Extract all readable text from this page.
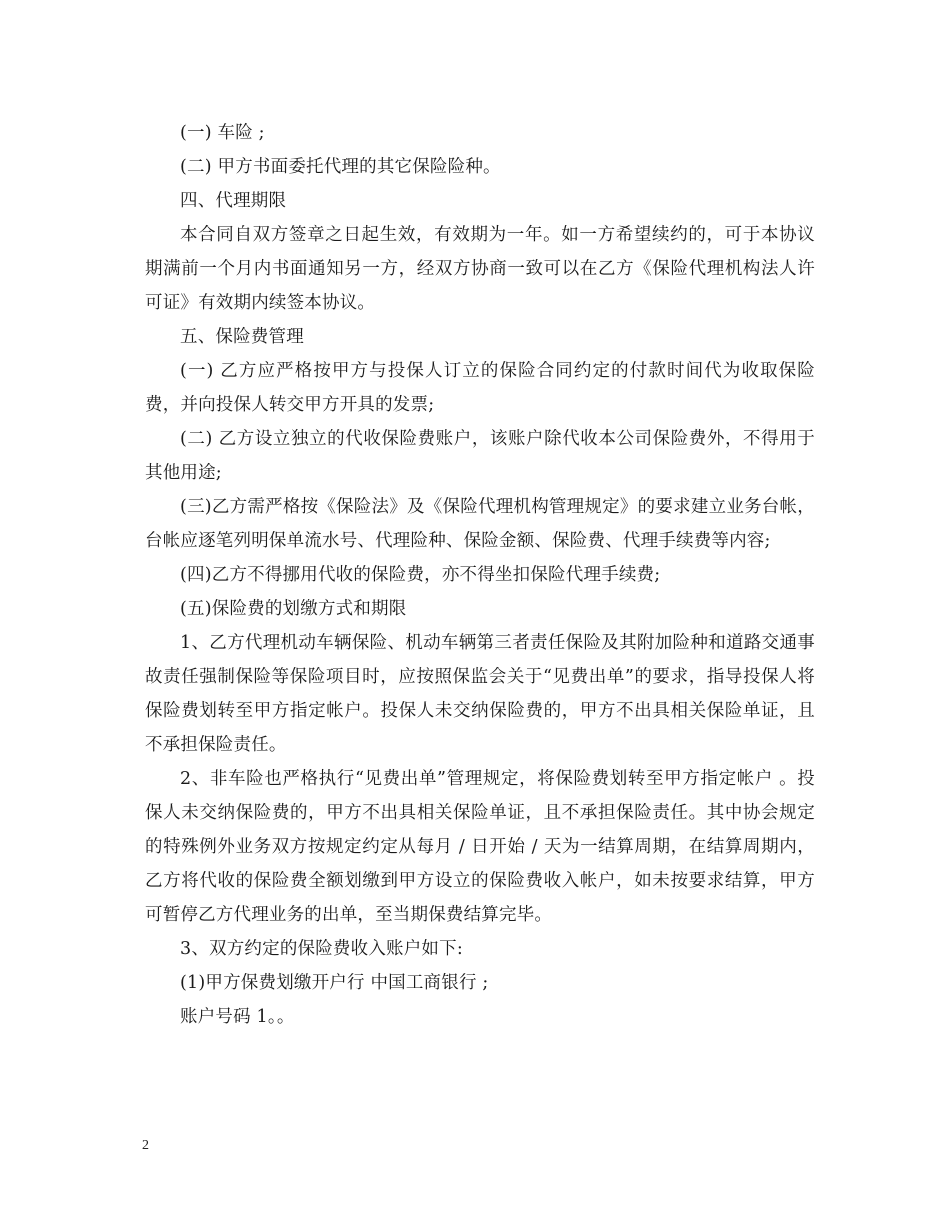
(一) 车险 ;

(二) 甲方书面委托代理的其它保险险种。

四、代理期限

本合同自双方签章之日起生效，有效期为一年。如一方希望续约的，可于本协议期满前一个月内书面通知另一方，经双方协商一致可以在乙方《保险代理机构法人许可证》有效期内续签本协议。

五、保险费管理

(一) 乙方应严格按甲方与投保人订立的保险合同约定的付款时间代为收取保险费，并向投保人转交甲方开具的发票;

(二) 乙方设立独立的代收保险费账户，该账户除代收本公司保险费外，不得用于其他用途;

(三)乙方需严格按《保险法》及《保险代理机构管理规定》的要求建立业务台帐，台帐应逐笔列明保单流水号、代理险种、保险金额、保险费、代理手续费等内容;

(四)乙方不得挪用代收的保险费，亦不得坐扣保险代理手续费;

(五)保险费的划缴方式和期限

1、乙方代理机动车辆保险、机动车辆第三者责任保险及其附加险种和道路交通事故责任强制保险等保险项目时，应按照保监会关于“见费出单”的要求，指导投保人将保险费划转至甲方指定帐户。投保人未交纳保险费的，甲方不出具相关保险单证，且不承担保险责任。

2、非车险也严格执行“见费出单”管理规定，将保险费划转至甲方指定帐户 。投保人未交纳保险费的，甲方不出具相关保险单证，且不承担保险责任。其中协会规定的特殊例外业务双方按规定约定从每月 / 日开始 / 天为一结算周期，在结算周期内，乙方将代收的保险费全额划缴到甲方设立的保险费收入帐户，如未按要求结算，甲方可暂停乙方代理业务的出单，至当期保费结算完毕。

3、双方约定的保险费收入账户如下:

(1)甲方保费划缴开户行 中国工商银行 ;

账户号码 1。。

2
